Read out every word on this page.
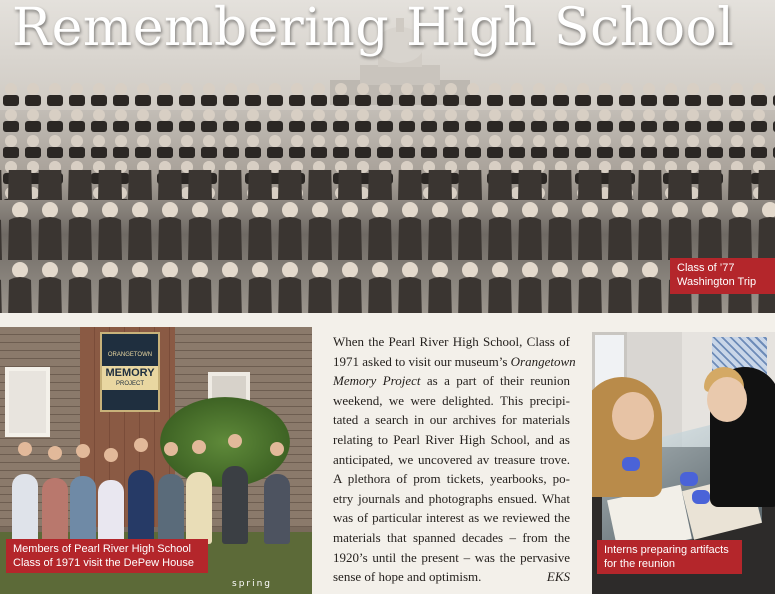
Remembering High School
Class of ’77
Washington Trip
ORANGETOWN
MEMORY
PROJECT
Members of Pearl River High School
Class of 1971 visit the DePew House
When the Pearl River High School, Class of
1971 asked to visit our museum’s Orangetown
Memory Project as a part of their reunion
weekend, we were delighted. This precipi-
tated a search in our archives for materials
relating to Pearl River High School, and as
anticipated, we uncovered av treasure trove.
A plethora of prom tickets, yearbooks, po-
etry journals and photographs ensued. What
was of particular interest as we reviewed the
materials that spanned decades – from the
1920’s until the present – was the pervasive
sense of hope and optimism.	EKS
Interns preparing artifacts
for the reunion
spring
